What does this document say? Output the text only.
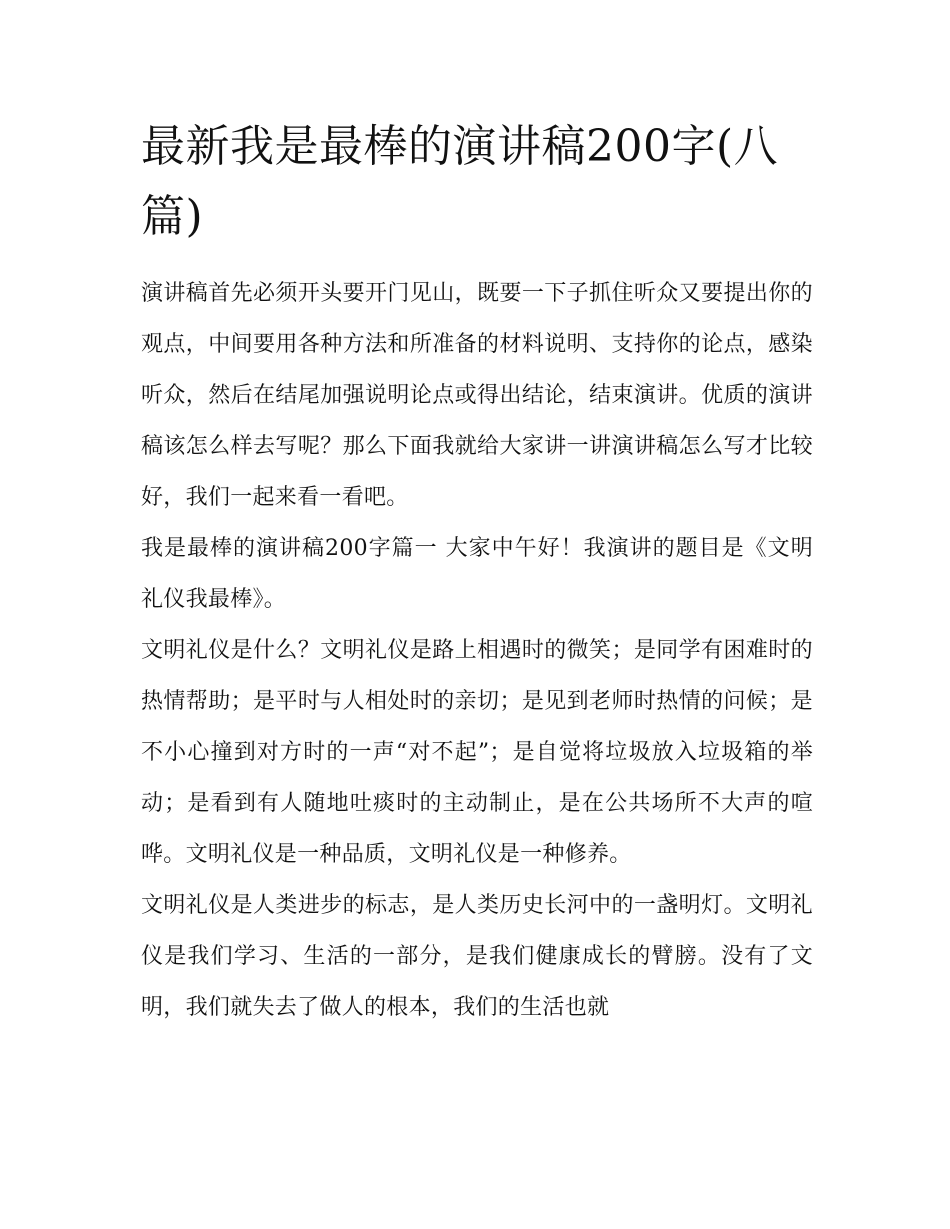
最新我是最棒的演讲稿200字(八篇)

演讲稿首先必须开头要开门见山，既要一下子抓住听众又要提出你的观点，中间要用各种方法和所准备的材料说明、支持你的论点，感染听众，然后在结尾加强说明论点或得出结论，结束演讲。优质的演讲稿该怎么样去写呢？那么下面我就给大家讲一讲演讲稿怎么写才比较好，我们一起来看一看吧。

我是最棒的演讲稿200字篇一 大家中午好！我演讲的题目是《文明礼仪我最棒》。

文明礼仪是什么？文明礼仪是路上相遇时的微笑；是同学有困难时的热情帮助；是平时与人相处时的亲切；是见到老师时热情的问候；是不小心撞到对方时的一声“对不起”；是自觉将垃圾放入垃圾箱的举动；是看到有人随地吐痰时的主动制止，是在公共场所不大声的喧哗。文明礼仪是一种品质，文明礼仪是一种修养。

文明礼仪是人类进步的标志，是人类历史长河中的一盏明灯。文明礼仪是我们学习、生活的一部分，是我们健康成长的臂膀。没有了文明，我们就失去了做人的根本，我们的生活也就
